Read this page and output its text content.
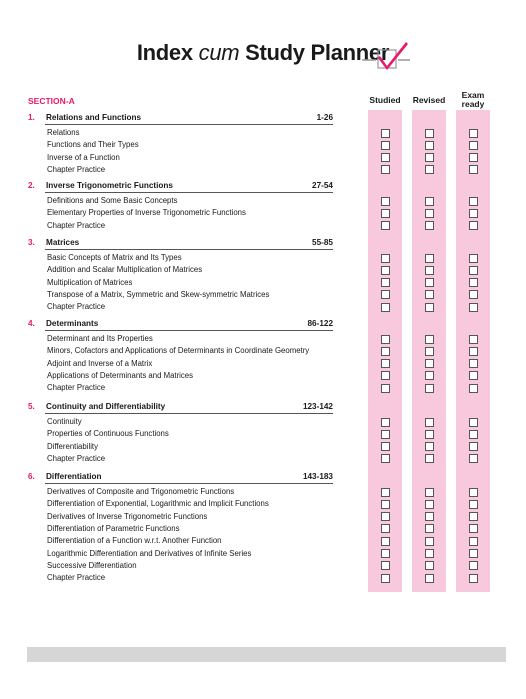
Index cum Study Planner
Studied	Revised	Exam
ready
SECTION-A
1. Relations and Functions	1-26
Relations
Functions and Their Types
Inverse of a Function
Chapter Practice
2. Inverse Trigonometric Functions	27-54
Definitions and Some Basic Concepts
Elementary Properties of Inverse Trigonometric Functions
Chapter Practice
3. Matrices	55-85
Basic Concepts of Matrix and Its Types
Addition and Scalar Multiplication of Matrices
Multiplication of Matrices
Transpose of a Matrix, Symmetric and Skew-symmetric Matrices
Chapter Practice
4. Determinants	86-122
Determinant and Its Properties
Minors, Cofactors and Applications of Determinants in Coordinate Geometry
Adjoint and Inverse of a Matrix
Applications of Determinants and Matrices
Chapter Practice
5. Continuity and Differentiability	123-142
Continuity
Properties of Continuous Functions
Differentiability
Chapter Practice
6. Differentiation	143-183
Derivatives of Composite and Trigonometric Functions
Differentiation of Exponential, Logarithmic and Implicit Functions
Derivatives of Inverse Trigonometric Functions
Differentiation of Parametric Functions
Differentiation of a Function w.r.t. Another Function
Logarithmic Differentiation and Derivatives of Infinite Series
Successive Differentiation
Chapter Practice
